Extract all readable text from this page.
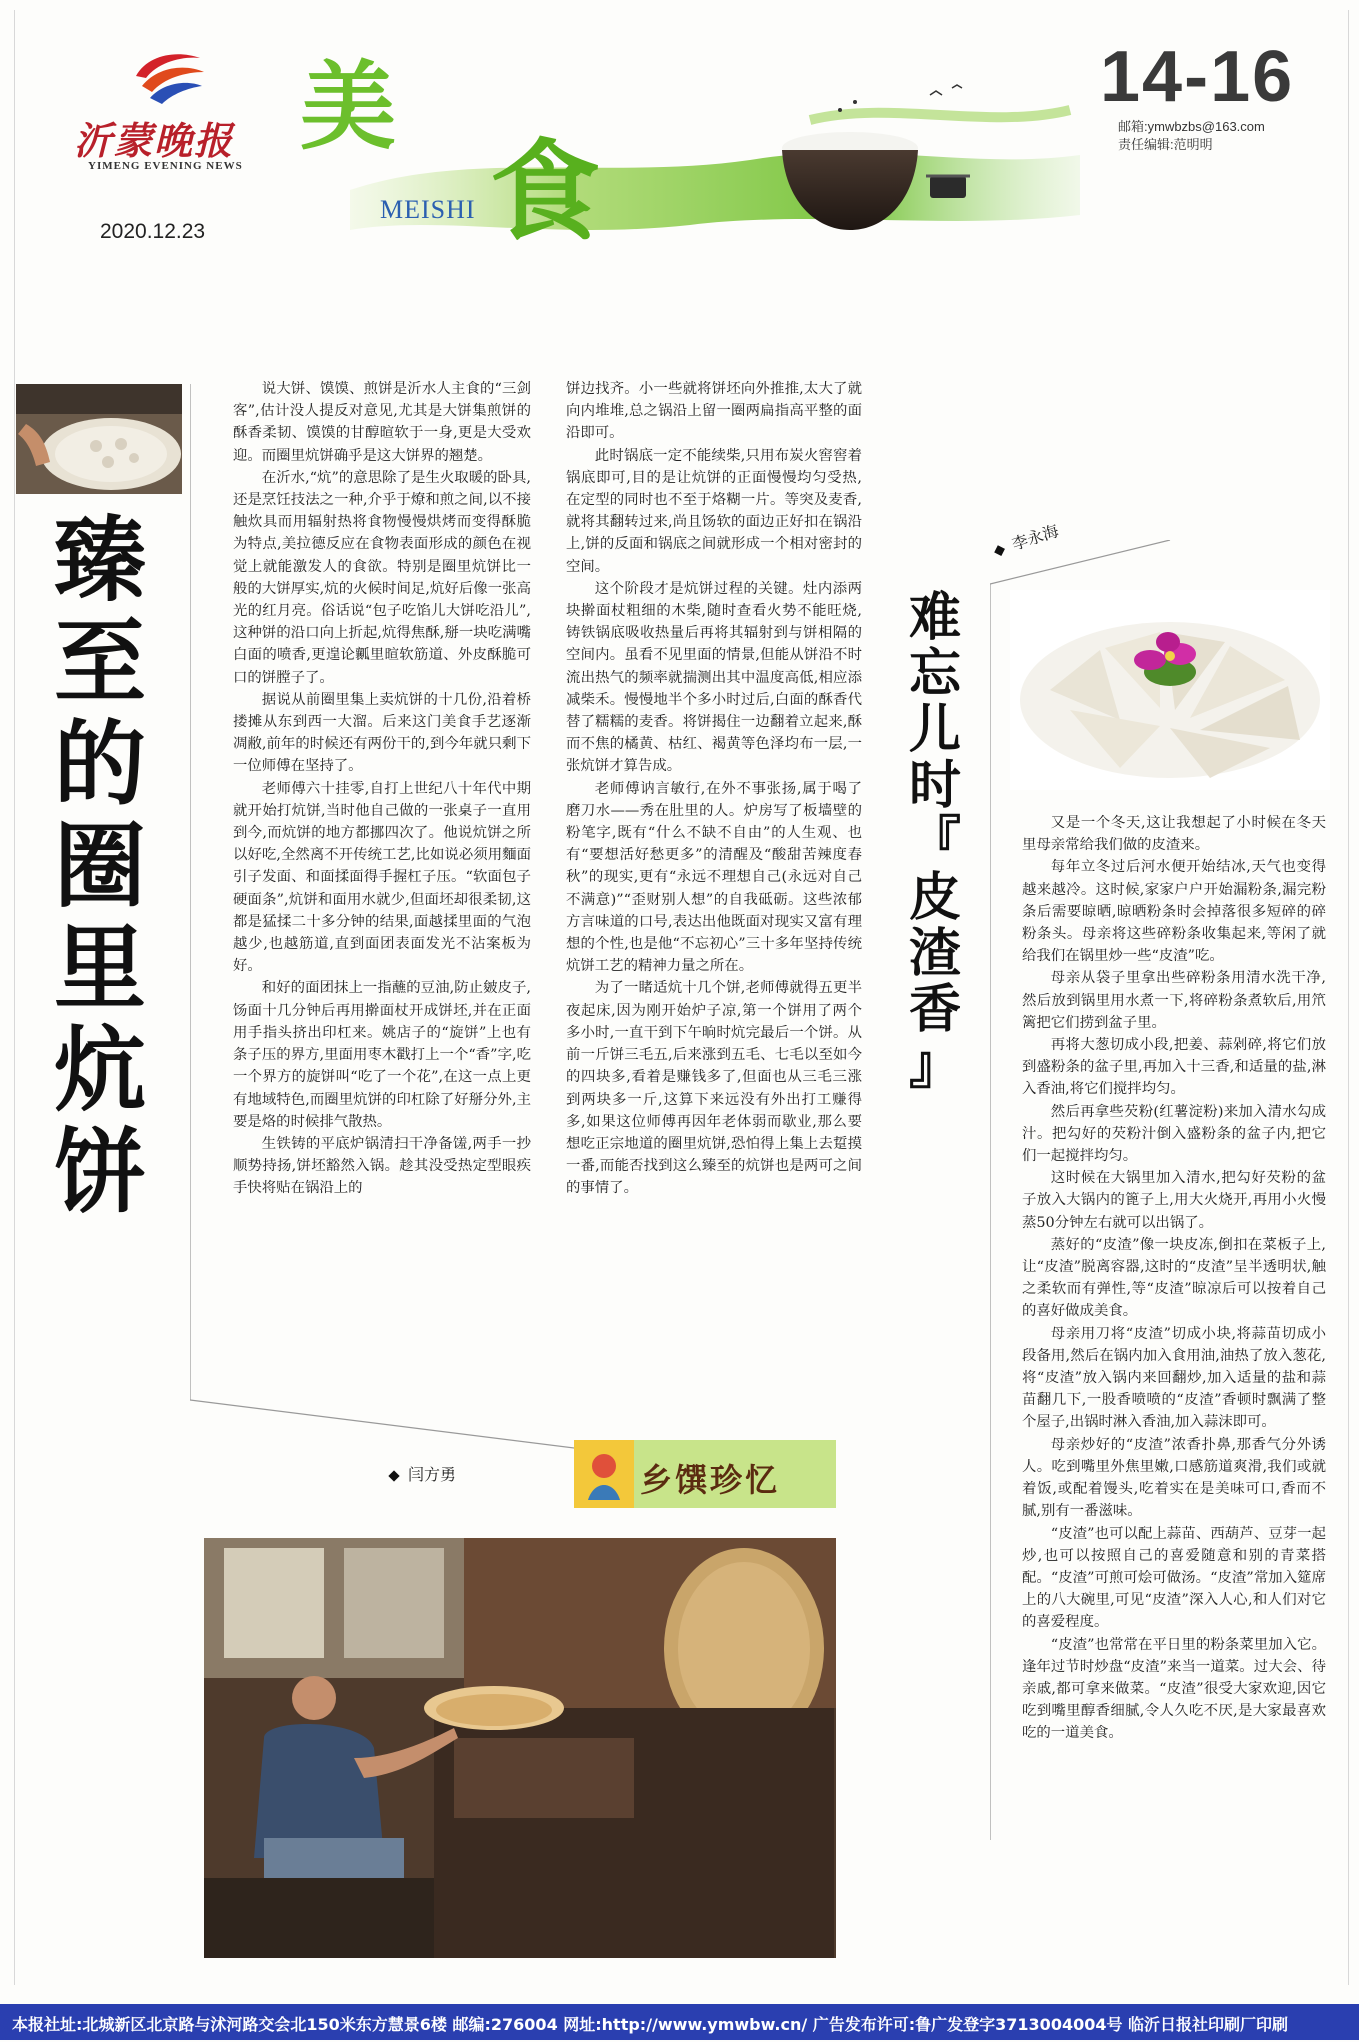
沂蒙晚报
YIMENG EVENING NEWS
2020.12.23
美
食
MEISHI
14-16
邮箱:ymwbzbs@163.com
责任编辑:范明明
臻
至
的
圈
里
炕
饼

说大饼、馍馍、煎饼是沂水人主食的“三剑客”,估计没人提反对意见,尤其是大饼集煎饼的酥香柔韧、馍馍的甘醇暄软于一身,更是大受欢迎。而圈里炕饼确乎是这大饼界的翘楚。

在沂水,“炕”的意思除了是生火取暖的卧具,还是烹饪技法之一种,介乎于燎和煎之间,以不接触炊具而用辐射热将食物慢慢烘烤而变得酥脆为特点,美拉德反应在食物表面形成的颜色在视觉上就能激发人的食欲。特别是圈里炕饼比一般的大饼厚实,炕的火候时间足,炕好后像一张高光的红月亮。俗话说“包子吃馅儿大饼吃沿儿”,这种饼的沿口向上折起,炕得焦酥,掰一块吃满嘴白面的喷香,更遑论瓤里暄软筋道、外皮酥脆可口的饼膛子了。

据说从前圈里集上卖炕饼的十几份,沿着桥搂摊从东到西一大溜。后来这门美食手艺逐渐凋敝,前年的时候还有两份干的,到今年就只剩下一位师傅在坚持了。

老师傅六十挂零,自打上世纪八十年代中期就开始打炕饼,当时他自己做的一张桌子一直用到今,而炕饼的地方都挪四次了。他说炕饼之所以好吃,全然离不开传统工艺,比如说必须用麵面引子发面、和面揉面得手握杠子压。“软面包子硬面条”,炕饼和面用水就少,但面坯却很柔韧,这都是猛揉二十多分钟的结果,面越揉里面的气泡越少,也越筋道,直到面团表面发光不沾案板为好。

和好的面团抹上一指蘸的豆油,防止皴皮子,饧面十几分钟后再用擀面杖开成饼坯,并在正面用手指头挤出印杠来。姚店子的“旋饼”上也有条子压的界方,里面用枣木戳打上一个“香”字,吃一个界方的旋饼叫“吃了一个花”,在这一点上更有地域特色,而圈里炕饼的印杠除了好掰分外,主要是烙的时候排气散热。

生铁铸的平底炉锅清扫干净备馐,两手一抄顺势持扬,饼坯豁然入锅。趁其没受热定型眼疾手快将贴在锅沿上的

饼边找齐。小一些就将饼坯向外推推,太大了就向内堆堆,总之锅沿上留一圈两扁指高平整的面沿即可。

此时锅底一定不能续柴,只用布炭火窖窖着锅底即可,目的是让炕饼的正面慢慢均匀受热,在定型的同时也不至于烙糊一片。等突及麦香,就将其翻转过来,尚且饧软的面边正好扣在锅沿上,饼的反面和锅底之间就形成一个相对密封的空间。

这个阶段才是炕饼过程的关键。灶内添两块擀面杖粗细的木柴,随时查看火势不能旺烧,铸铁锅底吸收热量后再将其辐射到与饼相隔的空间内。虽看不见里面的情景,但能从饼沿不时流出热气的频率就揣测出其中温度高低,相应添减柴禾。慢慢地半个多小时过后,白面的酥香代替了糯糯的麦香。将饼揭住一边翻着立起来,酥而不焦的橘黄、枯红、褐黄等色泽均布一层,一张炕饼才算告成。

老师傅讷言敏行,在外不事张扬,属于喝了磨刀水——秀在肚里的人。炉房写了板墙壁的粉笔字,既有“什么不缺不自由”的人生观、也有“要想活好愁更多”的清醒及“酸甜苦辣度春秋”的现实,更有“永远不理想自己(永远对自己不满意)”“歪财别人想”的自我砥砺。这些浓郁方言味道的口号,表达出他既面对现实又富有理想的个性,也是他“不忘初心”三十多年坚持传统炕饼工艺的精神力量之所在。

为了一睹适炕十几个饼,老师傅就得五更半夜起床,因为刚开始炉子凉,第一个饼用了两个多小时,一直干到下午晌时炕完最后一个饼。从前一斤饼三毛五,后来涨到五毛、七毛以至如今的四块多,看着是赚钱多了,但面也从三毛三涨到两块多一斤,这算下来远没有外出打工赚得多,如果这位师傅再因年老体弱而歇业,那么要想吃正宗地道的圈里炕饼,恐怕得上集上去踅摸一番,而能否找到这么臻至的炕饼也是两可之间的事情了。

闫方勇	乡馔珍忆
李永海
难
忘
儿
时
『
皮
渣
香
』

又是一个冬天,这让我想起了小时候在冬天里母亲常给我们做的皮渣来。

每年立冬过后河水便开始结冰,天气也变得越来越冷。这时候,家家户户开始漏粉条,漏完粉条后需要晾晒,晾晒粉条时会掉落很多短碎的碎粉条头。母亲将这些碎粉条收集起来,等闲了就给我们在锅里炒一些“皮渣”吃。

母亲从袋子里拿出些碎粉条用清水洗干净,然后放到锅里用水煮一下,将碎粉条煮软后,用笊篱把它们捞到盆子里。

再将大葱切成小段,把姜、蒜剁碎,将它们放到盛粉条的盆子里,再加入十三香,和适量的盐,淋入香油,将它们搅拌均匀。

然后再拿些芡粉(红薯淀粉)来加入清水勾成汁。把勾好的芡粉汁倒入盛粉条的盆子内,把它们一起搅拌均匀。

这时候在大锅里加入清水,把勾好芡粉的盆子放入大锅内的篦子上,用大火烧开,再用小火慢蒸50分钟左右就可以出锅了。

蒸好的“皮渣”像一块皮冻,倒扣在菜板子上,让“皮渣”脱离容器,这时的“皮渣”呈半透明状,触之柔软而有弹性,等“皮渣”晾凉后可以按着自己的喜好做成美食。

母亲用刀将“皮渣”切成小块,将蒜苗切成小段备用,然后在锅内加入食用油,油热了放入葱花,将“皮渣”放入锅内来回翻炒,加入适量的盐和蒜苗翻几下,一股香喷喷的“皮渣”香顿时飘满了整个屋子,出锅时淋入香油,加入蒜沫即可。

母亲炒好的“皮渣”浓香扑鼻,那香气分外诱人。吃到嘴里外焦里嫩,口感筋道爽滑,我们或就着饭,或配着馒头,吃着实在是美味可口,香而不腻,别有一番滋味。

“皮渣”也可以配上蒜苗、西葫芦、豆芽一起炒,也可以按照自己的喜爱随意和别的青菜搭配。“皮渣”可煎可烩可做汤。“皮渣”常加入筵席上的八大碗里,可见“皮渣”深入人心,和人们对它的喜爱程度。

“皮渣”也常常在平日里的粉条菜里加入它。逢年过节时炒盘“皮渣”来当一道菜。过大会、待亲戚,都可拿来做菜。“皮渣”很受大家欢迎,因它吃到嘴里醇香细腻,令人久吃不厌,是大家最喜欢吃的一道美食。

本报社址:北城新区北京路与沭河路交会北150米东方慧景6楼 邮编:276004 网址:http://www.ymwbw.cn/ 广告发布许可:鲁广发登字3713004004号 临沂日报社印刷厂印刷
